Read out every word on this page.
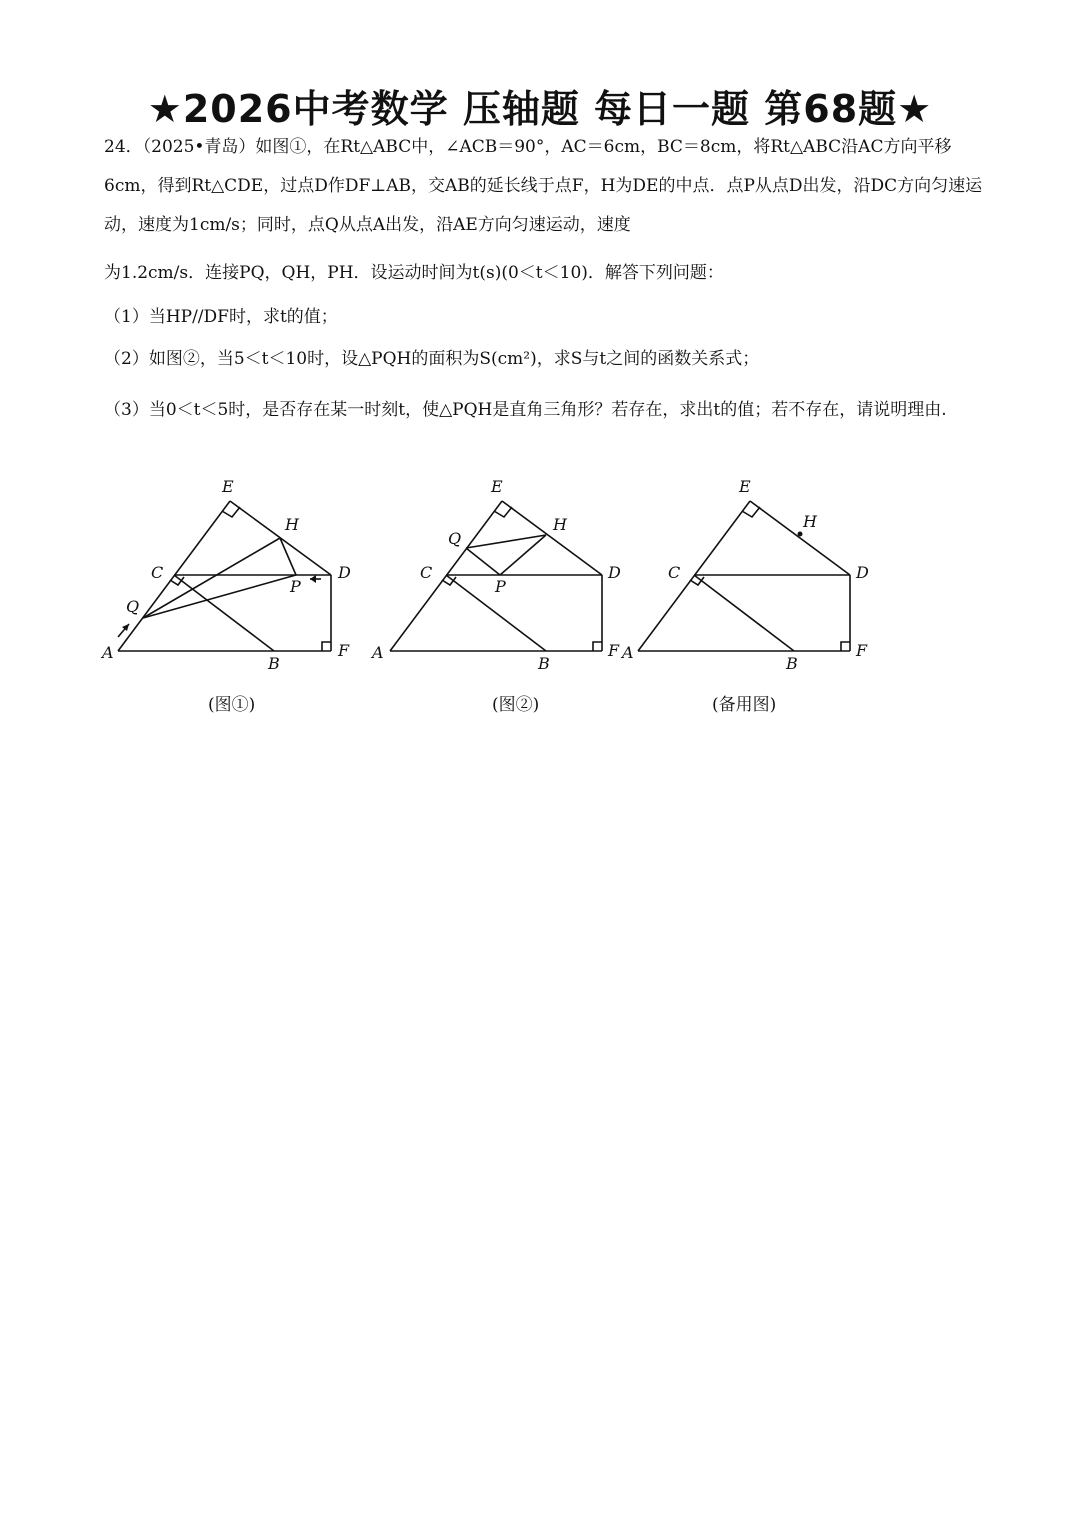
★2026中考数学 压轴题 每日一题 第68题★
24．（2025•青岛）如图①，在Rt△ABC中，∠ACB＝90°，AC＝6cm，BC＝8cm，将Rt△ABC沿AC方向平移6cm，得到Rt△CDE，过点D作DF⊥AB，交AB的延长线于点F，H为DE的中点．点P从点D出发，沿DC方向匀速运动，速度为1cm/s；同时，点Q从点A出发，沿AE方向匀速运动，速度
为1.2cm/s．连接PQ，QH，PH．设运动时间为t(s)(0＜t＜10)．解答下列问题：
（1）当HP//DF时，求t的值；
（2）如图②，当5＜t＜10时，设△PQH的面积为S(cm²)，求S与t之间的函数关系式；
（3）当0＜t＜5时，是否存在某一时刻t，使△PQH是直角三角形？若存在，求出t的值；若不存在，请说明理由.
A
B
C	D
E
F
H
P
Q
A
B
C	D
E
F
H
P
Q
A
B
C	D
E
F
H
(图①)	(图②)	(备用图)
